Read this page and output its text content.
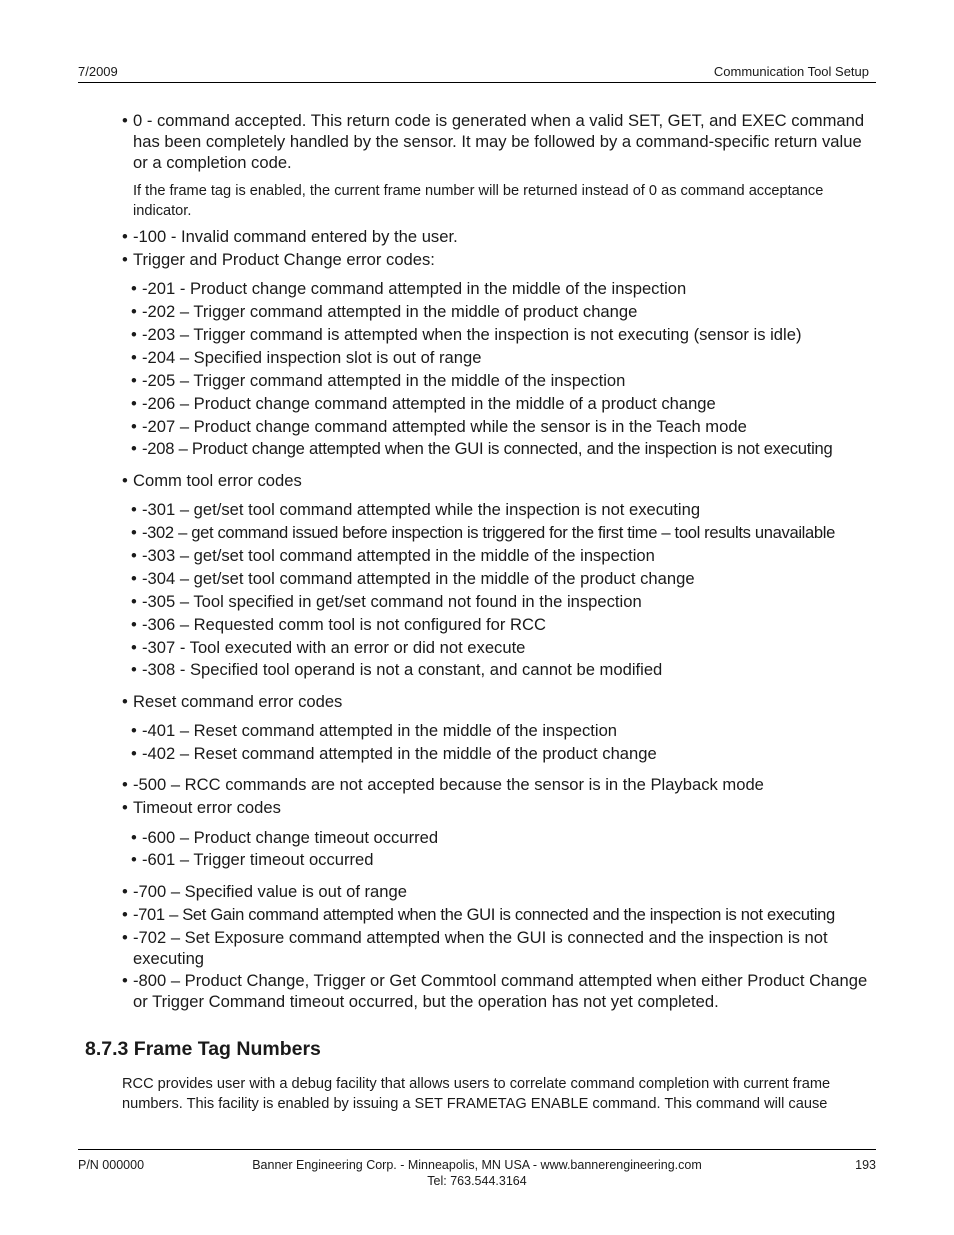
7/2009	Communication Tool Setup
• 0 - command accepted. This return code is generated when a valid SET, GET, and EXEC command has been completely handled by the sensor. It may be followed by a command-specific return value or a completion code.
If the frame tag is enabled, the current frame number will be returned instead of 0 as command acceptance indicator.
• -100 - Invalid command entered by the user.
• Trigger and Product Change error codes:
• -201 - Product change command attempted in the middle of the inspection
• -202 – Trigger command attempted in the middle of product change
• -203 – Trigger command is attempted when the inspection is not executing (sensor is idle)
• -204 – Specified inspection slot is out of range
• -205 – Trigger command attempted in the middle of the inspection
• -206 – Product change command attempted in the middle of a product change
• -207 – Product change command attempted while the sensor is in the Teach mode
• -208 – Product change attempted when the GUI is connected, and the inspection is not executing
• Comm tool error codes
• -301 – get/set tool command attempted while the inspection is not executing
• -302 – get command issued before inspection is triggered for the first time – tool results unavailable
• -303 – get/set tool command attempted in the middle of the inspection
• -304 – get/set tool command attempted in the middle of the product change
• -305 – Tool specified in get/set command not found in the inspection
• -306 – Requested comm tool is not configured for RCC
• -307 - Tool executed with an error or did not execute
• -308 - Specified tool operand is not a constant, and cannot be modified
• Reset command error codes
• -401 – Reset command attempted in the middle of the inspection
• -402 – Reset command attempted in the middle of the product change
• -500 – RCC commands are not accepted because the sensor is in the Playback mode
• Timeout error codes
• -600 – Product change timeout occurred
• -601 – Trigger timeout occurred
• -700 – Specified value is out of range
• -701 – Set Gain command attempted when the GUI is connected and the inspection is not executing
• -702 – Set Exposure command attempted when the GUI is connected and the inspection is not executing
• -800 – Product Change, Trigger or Get Commtool command attempted when either Product Change or Trigger Command timeout occurred, but the operation has not yet completed.
8.7.3 Frame Tag Numbers
RCC provides user with a debug facility that allows users to correlate command completion with current frame numbers. This facility is enabled by issuing a SET FRAMETAG ENABLE command. This command will cause
P/N 000000	Banner Engineering Corp. - Minneapolis, MN USA - www.bannerengineering.com
Tel: 763.544.3164
193
